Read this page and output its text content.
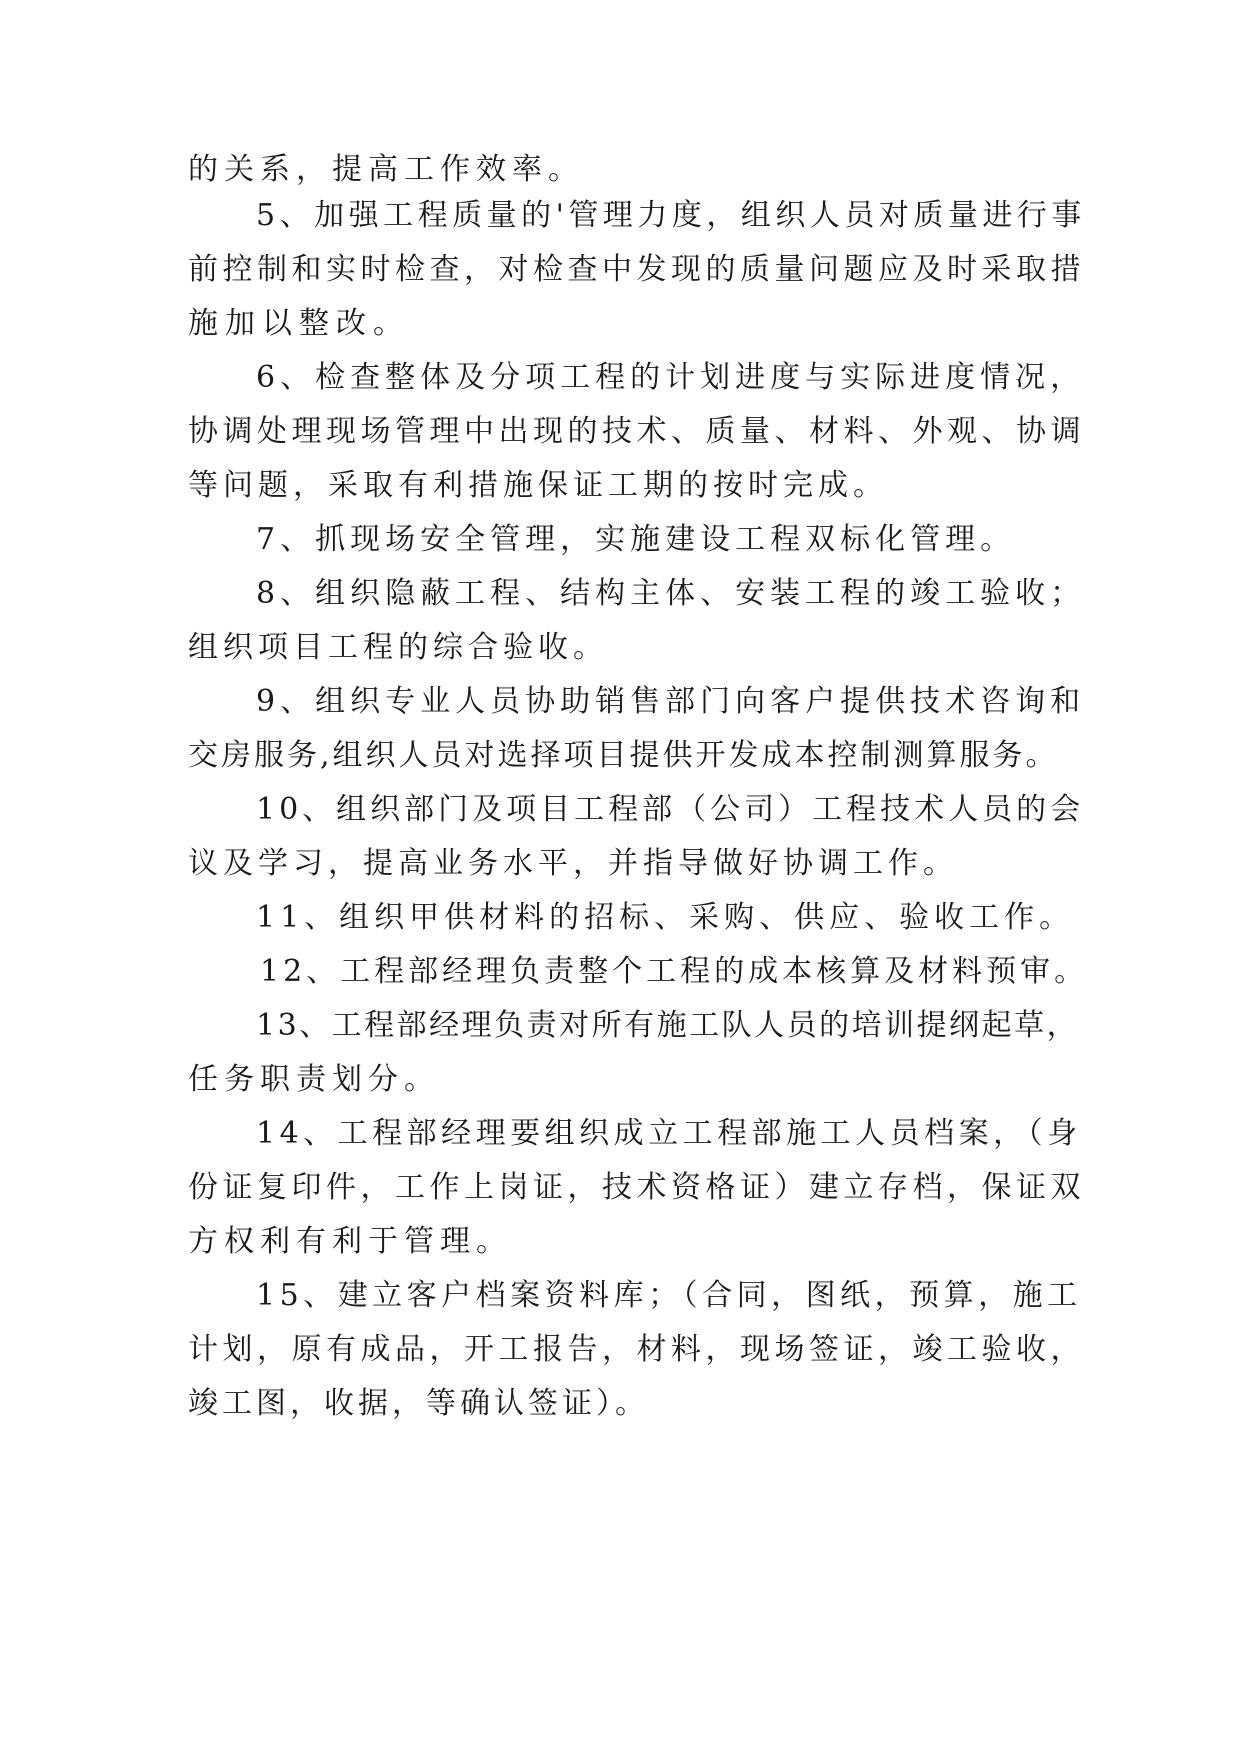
的关系，提高工作效率。
5、加强工程质量的'管理力度，组织人员对质量进行事
前控制和实时检查，对检查中发现的质量问题应及时采取措
施加以整改。
6、检查整体及分项工程的计划进度与实际进度情况，
协调处理现场管理中出现的技术、质量、材料、外观、协调
等问题，采取有利措施保证工期的按时完成。
7、抓现场安全管理，实施建设工程双标化管理。
8、组织隐蔽工程、结构主体、安装工程的竣工验收；
组织项目工程的综合验收。
9、组织专业人员协助销售部门向客户提供技术咨询和
交房服务,组织人员对选择项目提供开发成本控制测算服务。
10、组织部门及项目工程部（公司）工程技术人员的会
议及学习，提高业务水平，并指导做好协调工作。
11、组织甲供材料的招标、采购、供应、验收工作。
12、工程部经理负责整个工程的成本核算及材料预审。
13、工程部经理负责对所有施工队人员的培训提纲起草，
任务职责划分。
14、工程部经理要组织成立工程部施工人员档案，（身
份证复印件，工作上岗证，技术资格证）建立存档，保证双
方权利有利于管理。
15、建立客户档案资料库；（合同，图纸，预算，施工
计划，原有成品，开工报告，材料，现场签证，竣工验收，
竣工图，收据，等确认签证）。
